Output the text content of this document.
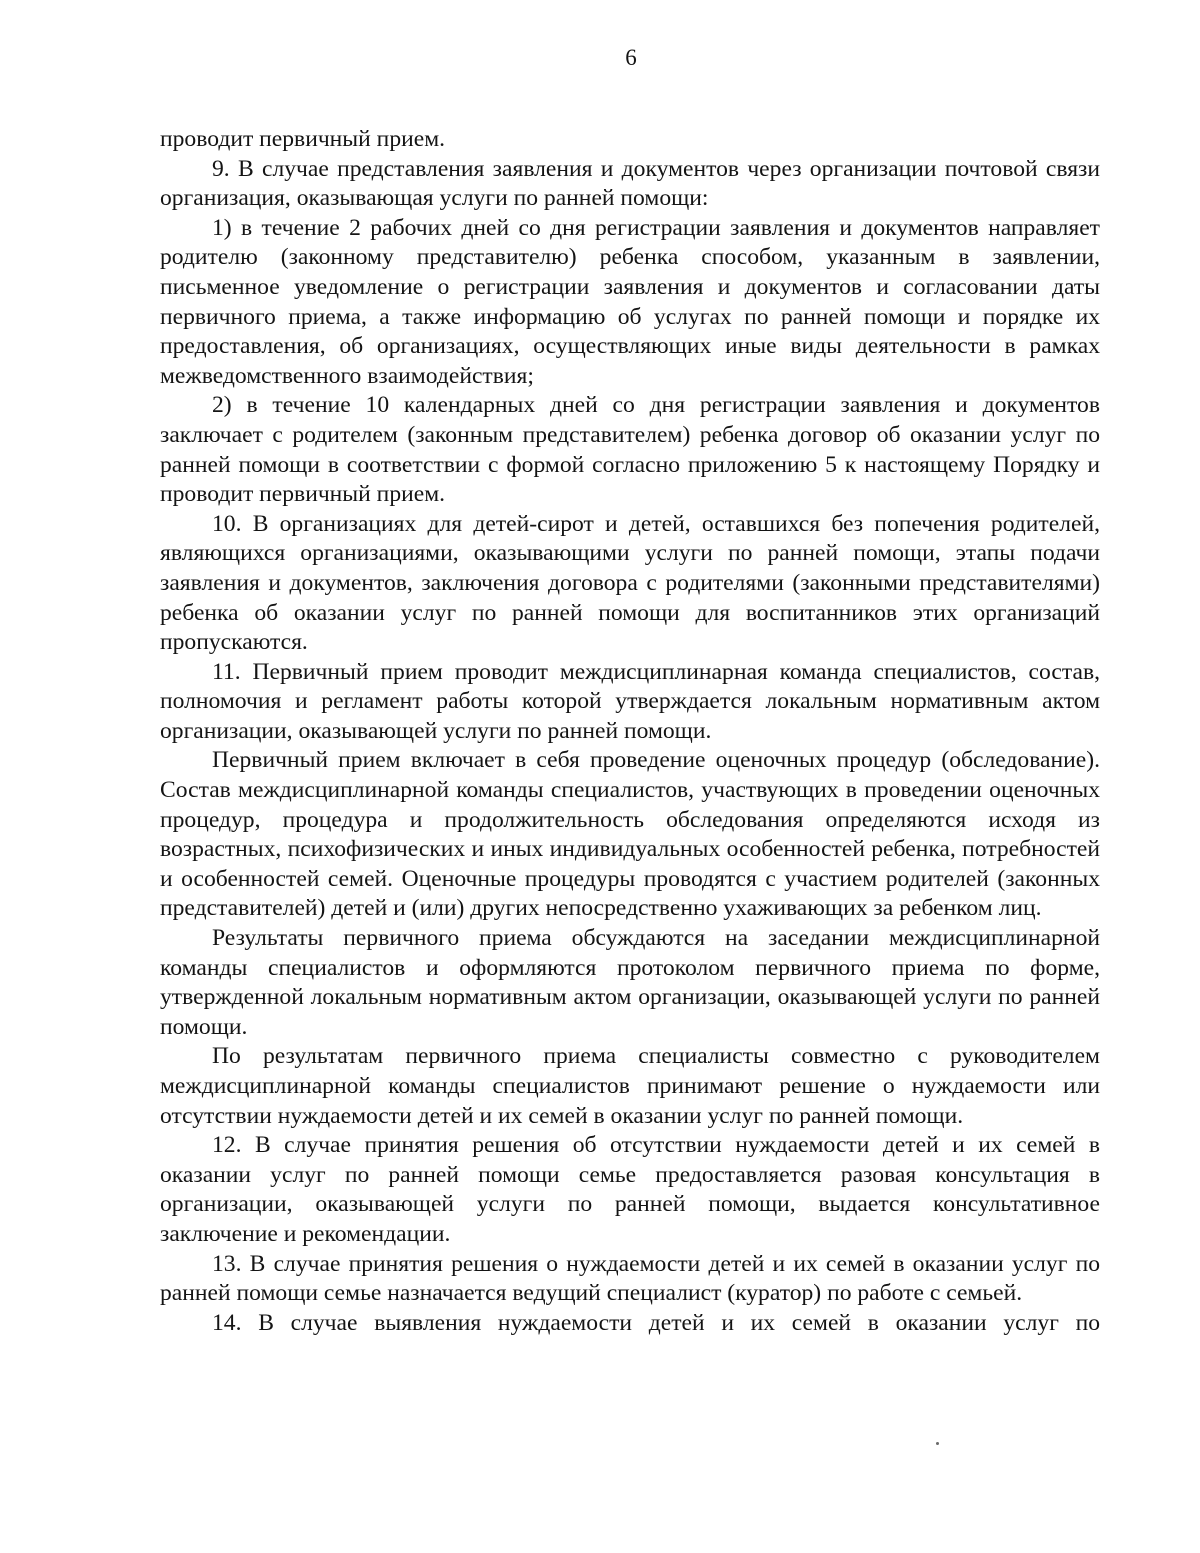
6

проводит первичный прием.

9. В случае представления заявления и документов через организации почтовой связи организация, оказывающая услуги по ранней помощи:

1) в течение 2 рабочих дней со дня регистрации заявления и документов направляет родителю (законному представителю) ребенка способом, указанным в заявлении, письменное уведомление о регистрации заявления и документов и согласовании даты первичного приема, а также информацию об услугах по ранней помощи и порядке их предоставления, об организациях, осуществляющих иные виды деятельности в рамках межведомственного взаимодействия;

2) в течение 10 календарных дней со дня регистрации заявления и документов заключает с родителем (законным представителем) ребенка договор об оказании услуг по ранней помощи в соответствии с формой согласно приложению 5 к настоящему Порядку и проводит первичный прием.

10. В организациях для детей-сирот и детей, оставшихся без попечения родителей, являющихся организациями, оказывающими услуги по ранней помощи, этапы подачи заявления и документов, заключения договора с родителями (законными представителями) ребенка об оказании услуг по ранней помощи для воспитанников этих организаций пропускаются.

11. Первичный прием проводит междисциплинарная команда специалистов, состав, полномочия и регламент работы которой утверждается локальным нормативным актом организации, оказывающей услуги по ранней помощи.

Первичный прием включает в себя проведение оценочных процедур (обследование). Состав междисциплинарной команды специалистов, участвующих в проведении оценочных процедур, процедура и продолжительность обследования определяются исходя из возрастных, психофизических и иных индивидуальных особенностей ребенка, потребностей и особенностей семей. Оценочные процедуры проводятся с участием родителей (законных представителей) детей и (или) других непосредственно ухаживающих за ребенком лиц.

Результаты первичного приема обсуждаются на заседании междисциплинарной команды специалистов и оформляются протоколом первичного приема по форме, утвержденной локальным нормативным актом организации, оказывающей услуги по ранней помощи.

По результатам первичного приема специалисты совместно с руководителем междисциплинарной команды специалистов принимают решение о нуждаемости или отсутствии нуждаемости детей и их семей в оказании услуг по ранней помощи.

12. В случае принятия решения об отсутствии нуждаемости детей и их семей в оказании услуг по ранней помощи семье предоставляется разовая консультация в организации, оказывающей услуги по ранней помощи, выдается консультативное заключение и рекомендации.

13. В случае принятия решения о нуждаемости детей и их семей в оказании услуг по ранней помощи семье назначается ведущий специалист (куратор) по работе с семьей.

14. В случае выявления нуждаемости детей и их семей в оказании услуг по
